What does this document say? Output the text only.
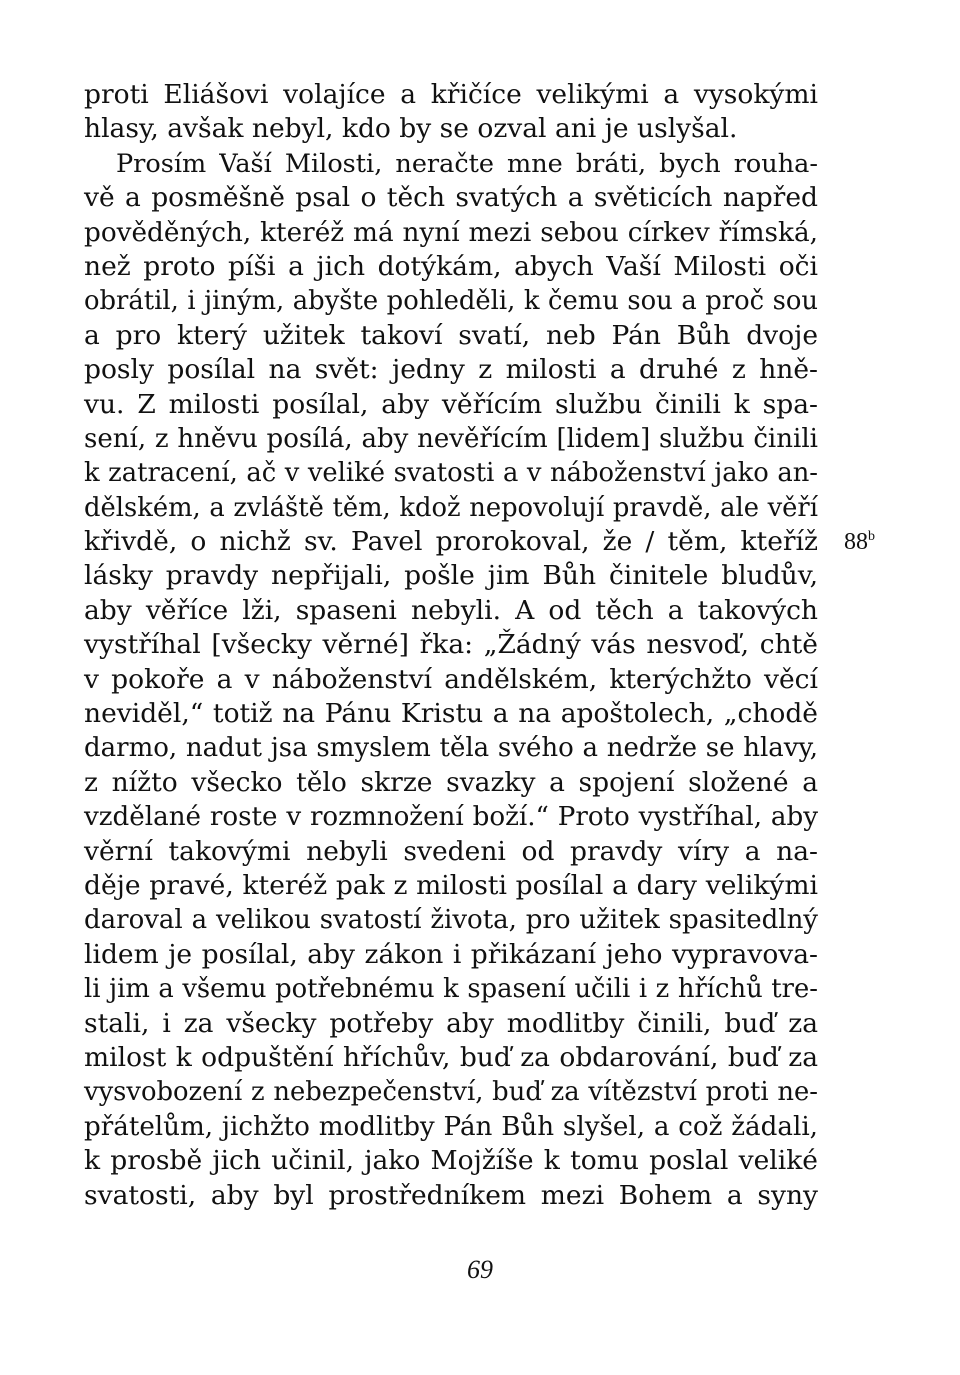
proti Eliášovi volajíce a křičíce velikými a vysokými
hlasy, avšak nebyl, kdo by se ozval ani je uslyšal.
Prosím Vaší Milosti, neračte mne bráti, bych rouha-
vě a posměšně psal o těch svatých a světicích napřed
pověděných, kteréž má nyní mezi sebou církev římská,
než proto píši a jich dotýkám, abych Vaší Milosti oči
obrátil, i jiným, abyšte pohleděli, k čemu sou a proč sou
a pro který užitek takoví svatí, neb Pán Bůh dvoje
posly posílal na svět: jedny z milosti a druhé z hně-
vu. Z milosti posílal, aby věřícím službu činili k spa-
sení, z hněvu posílá, aby nevěřícím [lidem] službu činili
k zatracení, ač v veliké svatosti a v náboženství jako an-
dělském, a zvláště těm, kdož nepovolují pravdě, ale věří
křivdě, o nichž sv. Pavel prorokoval, že / těm, kteříž
lásky pravdy nepřijali, pošle jim Bůh činitele bludův,
aby věříce lži, spaseni nebyli. A od těch a takových
vystříhal [všecky věrné] řka: „Žádný vás nesvoď, chtě
v pokoře a v náboženství andělském, kterýchžto věcí
neviděl,“ totiž na Pánu Kristu a na apoštolech, „chodě
darmo, nadut jsa smyslem těla svého a nedrže se hlavy,
z nížto všecko tělo skrze svazky a spojení složené a
vzdělané roste v rozmnožení boží.“ Proto vystříhal, aby
věrní takovými nebyli svedeni od pravdy víry a na-
děje pravé, kteréž pak z milosti posílal a dary velikými
daroval a velikou svatostí života, pro užitek spasitedlný
lidem je posílal, aby zákon i přikázaní jeho vypravova-
li jim a všemu potřebnému k spasení učili i z hříchů tre-
stali, i za všecky potřeby aby modlitby činili, buď za
milost k odpuštění hříchův, buď za obdarování, buď za
vysvobození z nebezpečenství, buď za vítězství proti ne-
přátelům, jichžto modlitby Pán Bůh slyšel, a což žádali,
k prosbě jich učinil, jako Mojžíše k tomu poslal veliké
svatosti, aby byl prostředníkem mezi Bohem a syny
88$^b$
69
